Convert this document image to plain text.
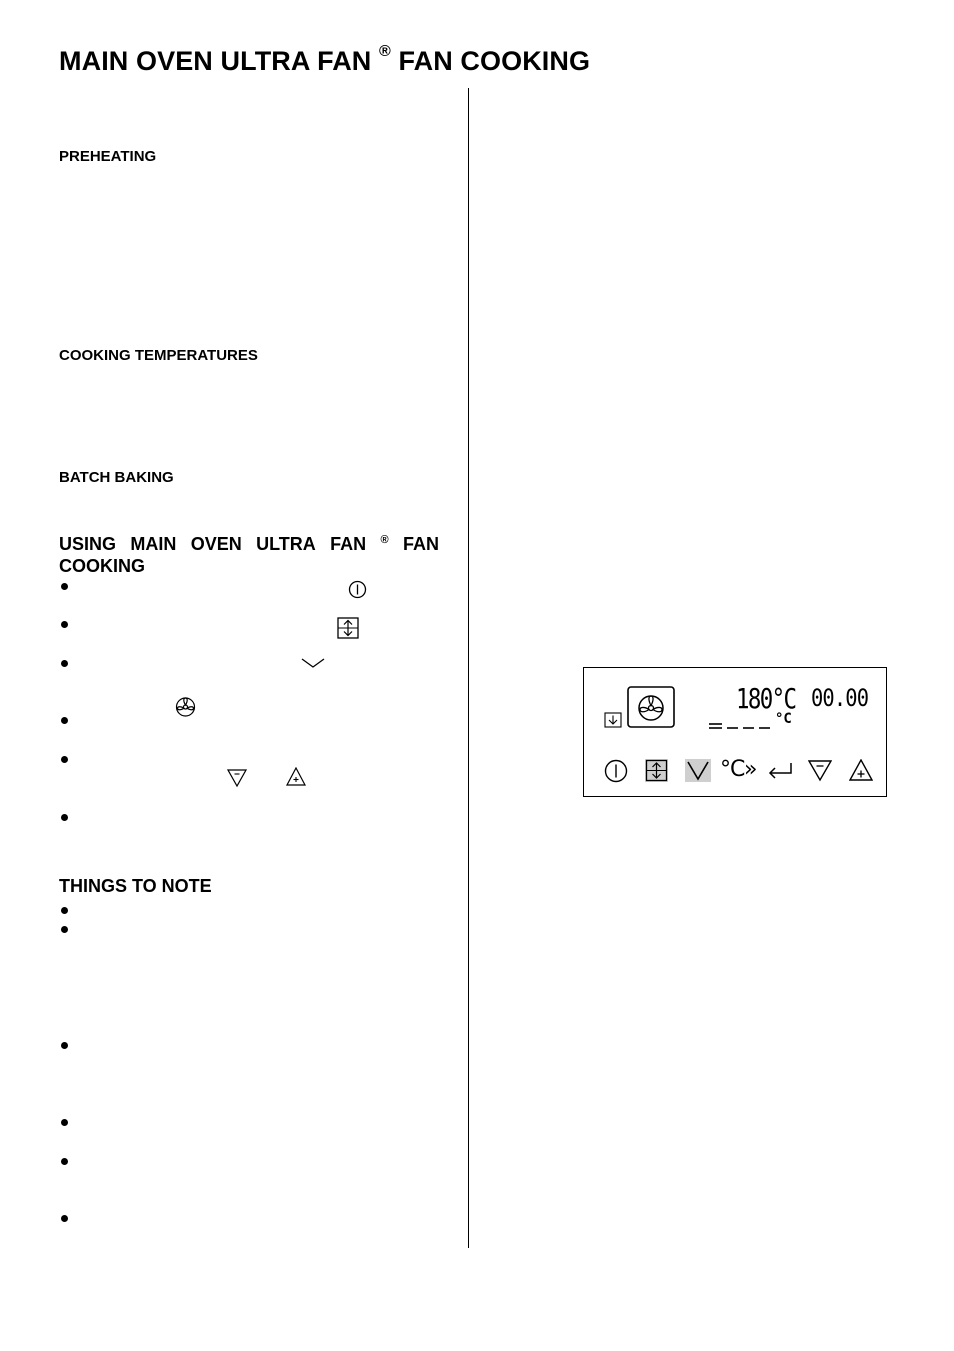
MAIN OVEN ULTRA FAN ® FAN COOKING
PREHEATING
COOKING TEMPERATURES
BATCH BAKING
USING MAIN OVEN ULTRA FAN ® FAN
COOKING
THINGS TO NOTE
180°C 00.00
°C
°C»
